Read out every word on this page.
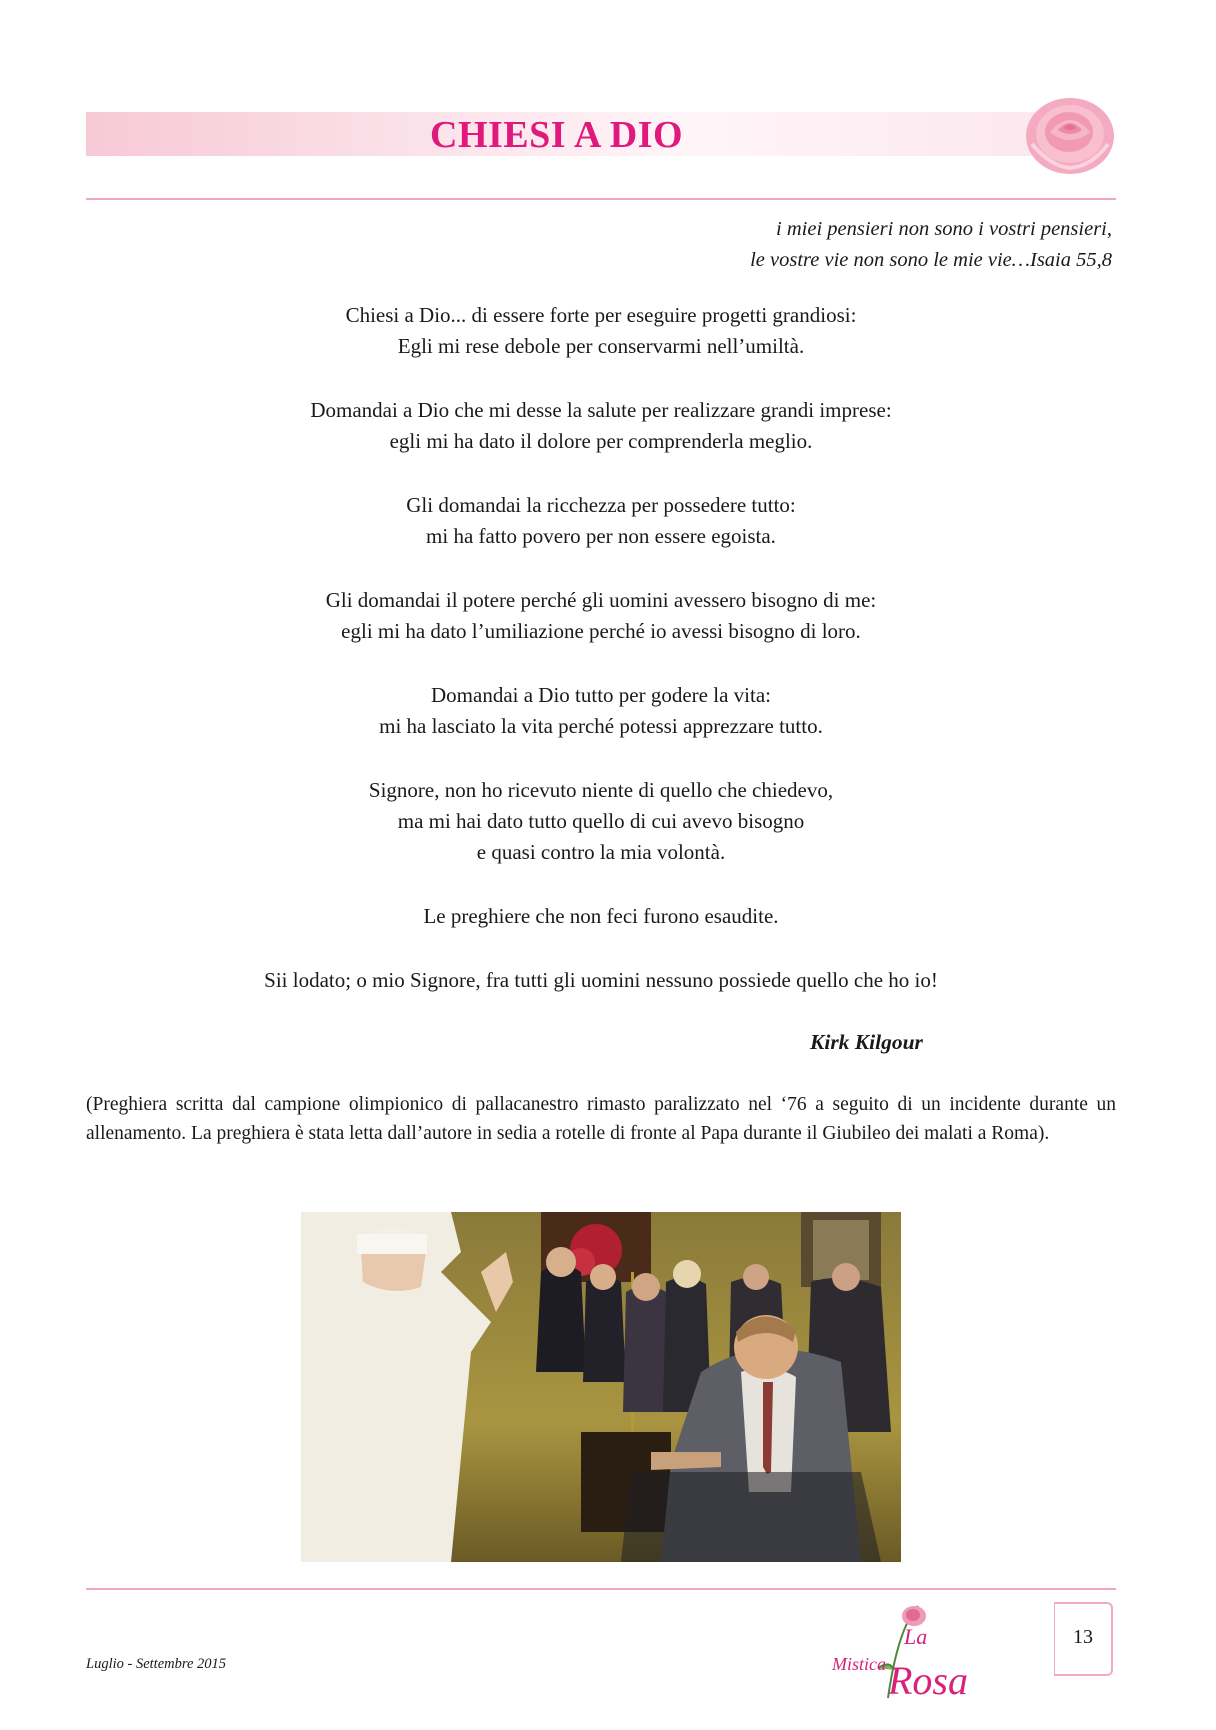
CHIESI A DIO
i miei pensieri non sono i vostri pensieri,
le vostre vie non sono le mie vie…Isaia 55,8
Chiesi a Dio... di essere forte per eseguire progetti grandiosi:
Egli mi rese debole per conservarmi nell’umiltà.
Domandai a Dio che mi desse la salute per realizzare grandi imprese:
egli mi ha dato il dolore per comprenderla meglio.
Gli domandai la ricchezza per possedere tutto:
mi ha fatto povero per non essere egoista.
Gli domandai il potere perché gli uomini avessero bisogno di me:
egli mi ha dato l’umiliazione perché io avessi bisogno di loro.
Domandai a Dio tutto per godere la vita:
mi ha lasciato la vita perché potessi apprezzare tutto.
Signore, non ho ricevuto niente di quello che chiedevo,
ma mi hai dato tutto quello di cui avevo bisogno
e quasi contro la mia volontà.
Le preghiere che non feci furono esaudite.
Sii lodato; o mio Signore, fra tutti gli uomini nessuno possiede quello che ho io!
Kirk Kilgour
(Preghiera scritta dal campione olimpionico di pallacanestro rimasto paralizzato nel ‘76 a seguito di un incidente durante un allenamento. La preghiera è stata letta dall’autore in sedia a rotelle di fronte al Papa durante il Giubileo dei malati a Roma).
Luglio - Settembre 2015
La
Mistica Rosa
13
